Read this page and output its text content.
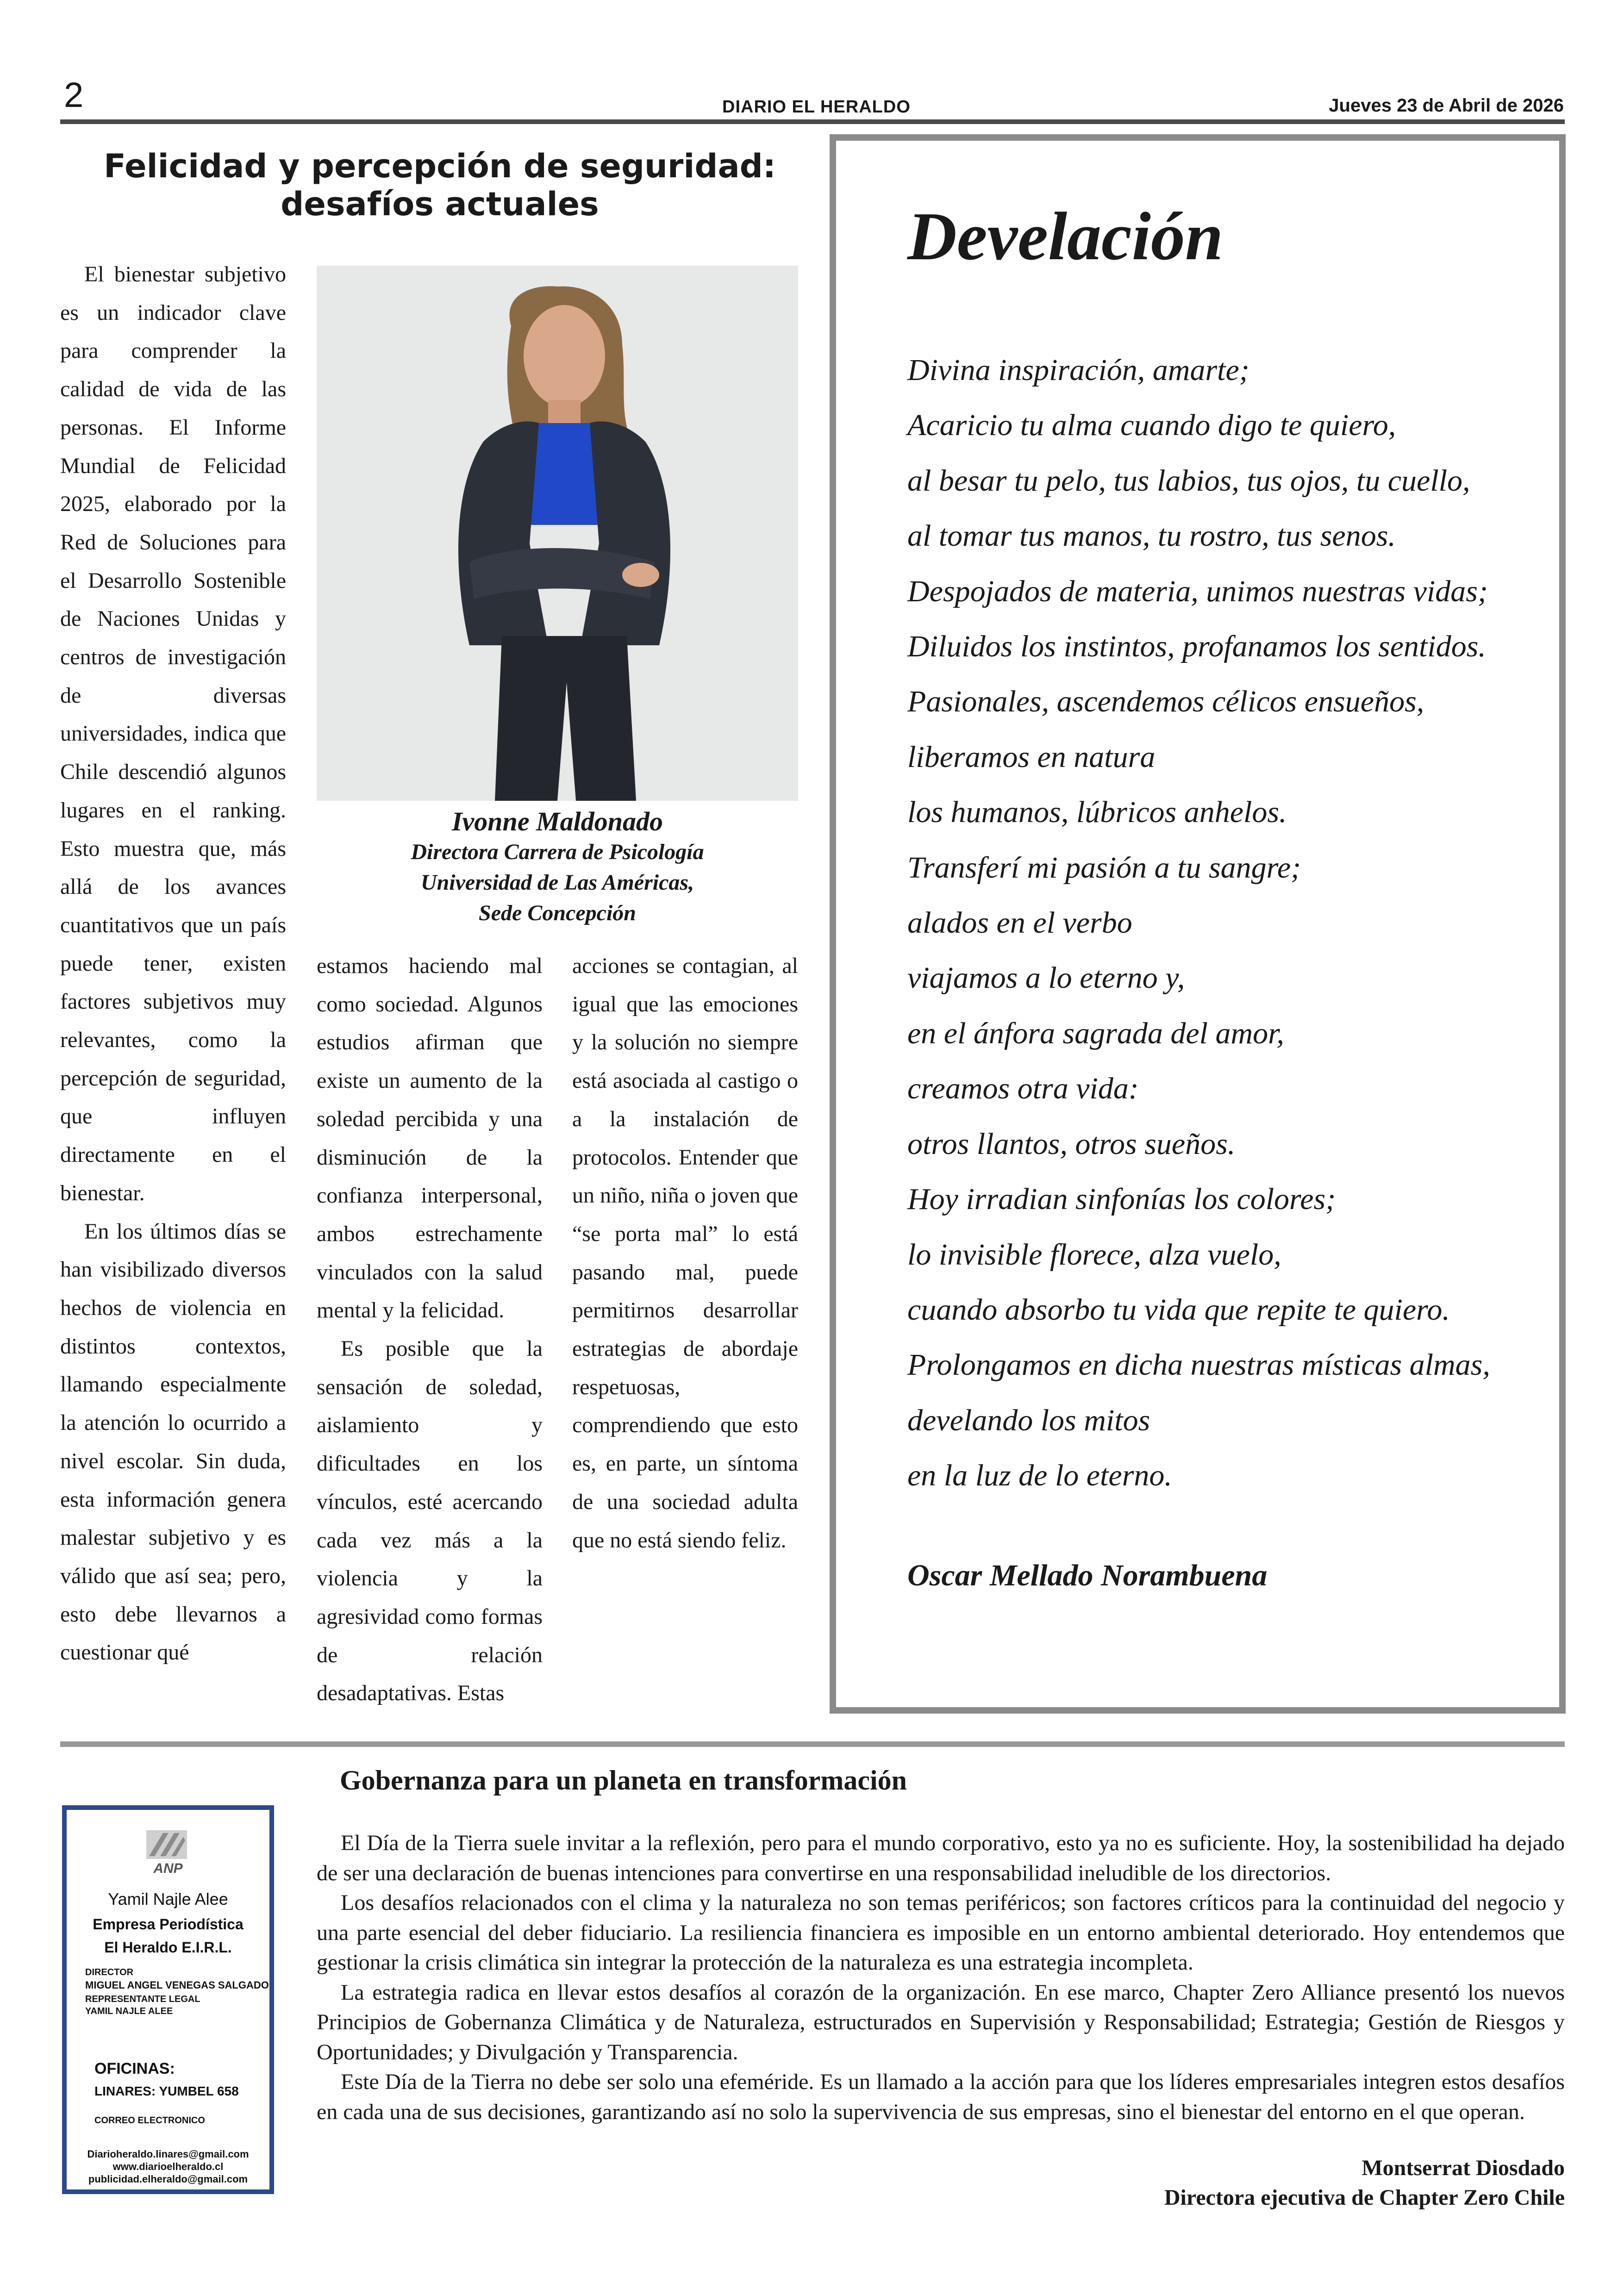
2	DIARIO EL HERALDO	Jueves 23 de Abril de 2026
Felicidad y percepción de seguridad:
desafíos actuales

El bienestar subjetivo es un indicador clave para comprender la calidad de vida de las personas. El Informe Mundial de Felicidad 2025, elaborado por la Red de Soluciones para el Desarrollo Sostenible de Naciones Unidas y centros de investigación de diversas universidades, indica que Chile descendió algunos lugares en el ranking. Esto muestra que, más allá de los avances cuantitativos que un país puede tener, existen factores subjetivos muy relevantes, como la percepción de seguridad, que influyen directamente en el bienestar.

En los últimos días se han visibilizado diversos hechos de violencia en distintos contextos, llamando especialmente la atención lo ocurrido a nivel escolar. Sin duda, esta información genera malestar subjetivo y es válido que así sea; pero, esto debe llevarnos a cuestionar qué

Ivonne Maldonado
Directora Carrera de Psicología
Universidad de Las Américas,
Sede Concepción

estamos haciendo mal como sociedad. Algunos estudios afirman que existe un aumento de la soledad percibida y una disminución de la confianza interpersonal, ambos estrechamente vinculados con la salud mental y la felicidad.

Es posible que la sensación de soledad, aislamiento y dificultades en los vínculos, esté acercando cada vez más a la violencia y la agresividad como formas de relación desadaptativas. Estas

acciones se contagian, al igual que las emociones y la solución no siempre está asociada al castigo o a la instalación de protocolos. Entender que un niño, niña o joven que “se porta mal” lo está pasando mal, puede permitirnos desarrollar estrategias de abordaje respetuosas, comprendiendo que esto es, en parte, un síntoma de una sociedad adulta que no está siendo feliz.

Develación
Divina inspiración, amarte;
Acaricio tu alma cuando digo te quiero,
al besar tu pelo, tus labios, tus ojos, tu cuello,
al tomar tus manos, tu rostro, tus senos.
Despojados de materia, unimos nuestras vidas;
Diluidos los instintos, profanamos los sentidos.
Pasionales, ascendemos célicos ensueños,
liberamos en natura
los humanos, lúbricos anhelos.
Transferí mi pasión a tu sangre;
alados en el verbo
viajamos a lo eterno y,
en el ánfora sagrada del amor,
creamos otra vida:
otros llantos, otros sueños.
Hoy irradian sinfonías los colores;
lo invisible florece, alza vuelo,
cuando absorbo tu vida que repite te quiero.
Prolongamos en dicha nuestras místicas almas,
develando los mitos
en la luz de lo eterno.
Oscar Mellado Norambuena
ANP
Yamil Najle Alee
Empresa Periodística
El Heraldo E.I.R.L.
DIRECTOR
MIGUEL ANGEL VENEGAS SALGADO
REPRESENTANTE LEGAL
YAMIL NAJLE ALEE
OFICINAS:
LINARES: YUMBEL 658
CORREO ELECTRONICO
Diarioheraldo.linares@gmail.com
www.diarioelheraldo.cl
publicidad.elheraldo@gmail.com
Gobernanza para un planeta en transformación

El Día de la Tierra suele invitar a la reflexión, pero para el mundo corporativo, esto ya no es suficiente. Hoy, la sostenibilidad ha dejado de ser una declaración de buenas intenciones para convertirse en una responsabilidad ineludible de los directorios.

Los desafíos relacionados con el clima y la naturaleza no son temas periféricos; son factores críticos para la continuidad del negocio y una parte esencial del deber fiduciario. La resiliencia financiera es imposible en un entorno ambiental deteriorado. Hoy entendemos que gestionar la crisis climática sin integrar la protección de la naturaleza es una estrategia incompleta.

La estrategia radica en llevar estos desafíos al corazón de la organización. En ese marco, Chapter Zero Alliance presentó los nuevos Principios de Gobernanza Climática y de Naturaleza, estructurados en Supervisión y Responsabilidad; Estrategia; Gestión de Riesgos y Oportunidades; y Divulgación y Transparencia.

Este Día de la Tierra no debe ser solo una efeméride. Es un llamado a la acción para que los líderes empresariales integren estos desafíos en cada una de sus decisiones, garantizando así no solo la supervivencia de sus empresas, sino el bienestar del entorno en el que operan.

Montserrat Diosdado
Directora ejecutiva de Chapter Zero Chile
